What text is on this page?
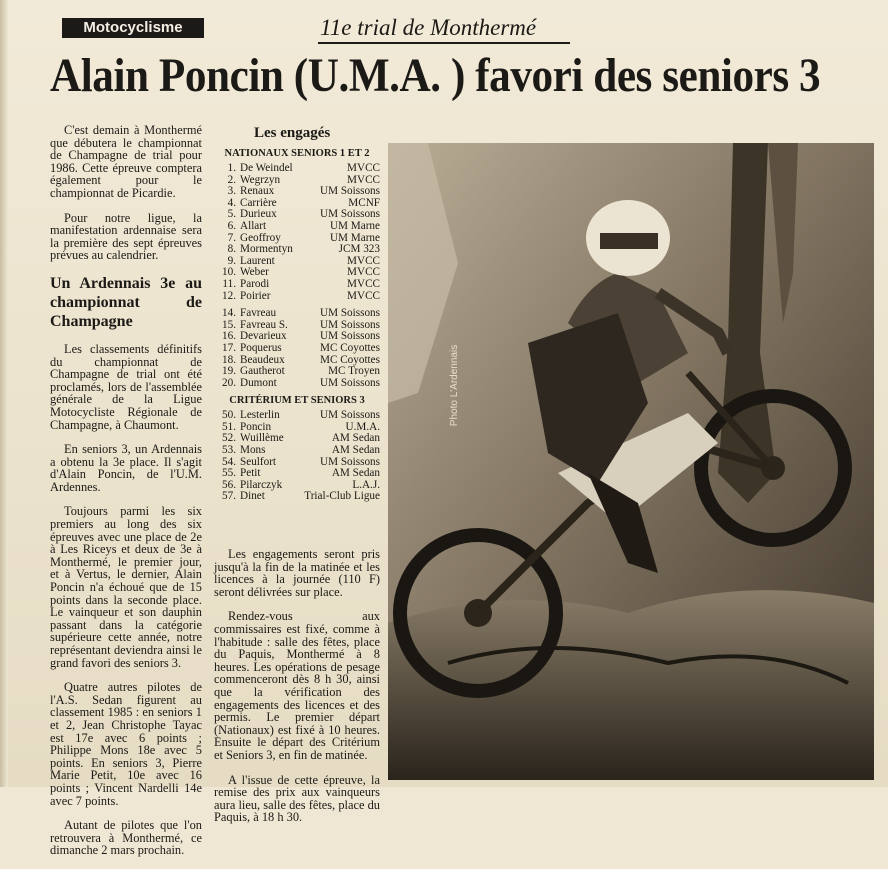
Motocyclisme	11e trial de Monthermé
Alain Poncin (U.M.A. ) favori des seniors 3

C'est demain à Monthermé que débutera le championnat de Champagne de trial pour 1986. Cette épreuve comptera également pour le championnat de Picardie.

Pour notre ligue, la manifestation ardennaise sera la première des sept épreuves prévues au calendrier.

Un Ardennais 3e au championnat de Champagne

Les classements définitifs du championnat de Champagne de trial ont été proclamés, lors de l'assemblée générale de la Ligue Motocycliste Régionale de Champagne, à Chaumont.

En seniors 3, un Ardennais a obtenu la 3e place. Il s'agit d'Alain Poncin, de l'U.M. Ardennes.

Toujours parmi les six premiers au long des six épreuves avec une place de 2e à Les Riceys et deux de 3e à Monthermé, le premier jour, et à Vertus, le dernier, Alain Poncin n'a échoué que de 15 points dans la seconde place. Le vainqueur et son dauphin passant dans la catégorie supérieure cette année, notre représentant deviendra ainsi le grand favori des seniors 3.

Quatre autres pilotes de l'A.S. Sedan figurent au classement 1985 : en seniors 1 et 2, Jean Christophe Tayac est 17e avec 6 points ; Philippe Mons 18e avec 5 points. En seniors 3, Pierre Marie Petit, 10e avec 16 points ; Vincent Nardelli 14e avec 7 points.

Autant de pilotes que l'on retrouvera à Monthermé, ce dimanche 2 mars prochain.

Les engagés
NATIONAUX SENIORS 1 ET 2
1. De Weindel	MVCC
2. Wegrzyn	MVCC
3. Renaux	UM Soissons
4. Carrière	MCNF
5. Durieux	UM Soissons
6. Allart	UM Marne
7. Geoffroy	UM Marne
8. Mormentyn	JCM 323
9. Laurent	MVCC
10. Weber	MVCC
11. Parodi	MVCC
12. Poirier	MVCC
14. Favreau	UM Soissons
15. Favreau S.	UM Soissons
16. Devarieux	UM Soissons
17. Poquerus	MC Coyottes
18. Beaudeux	MC Coyottes
19. Gautherot	MC Troyen
20. Dumont	UM Soissons
CRITÉRIUM ET SENIORS 3
50. Lesterlin	UM Soissons
51. Poncin	U.M.A.
52. Wuillème	AM Sedan
53. Mons	AM Sedan
54. Seulfort	UM Soissons
55. Petit	AM Sedan
56. Pilarczyk	L.A.J.
57. Dinet	Trial-Club Ligue

Les engagements seront pris jusqu'à la fin de la matinée et les licences à la journée (110 F) seront délivrées sur place.

Rendez-vous aux commissaires est fixé, comme à l'habitude : salle des fêtes, place du Paquis, Monthermé à 8 heures. Les opérations de pesage commenceront dès 8 h 30, ainsi que la vérification des engagements des licences et des permis. Le premier départ (Nationaux) est fixé à 10 heures. Ensuite le départ des Critérium et Seniors 3, en fin de matinée.

A l'issue de cette épreuve, la remise des prix aux vainqueurs aura lieu, salle des fêtes, place du Paquis, à 18 h 30.

Photo L'Ardennais
